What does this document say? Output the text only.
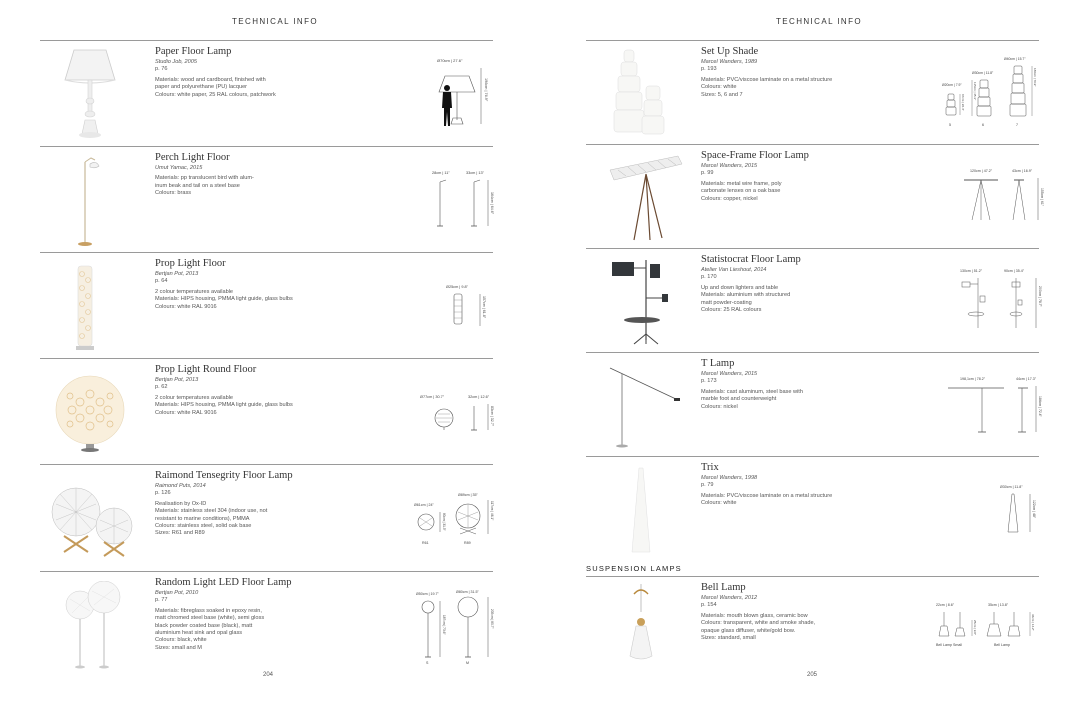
TECHNICAL INFO
Paper Floor Lamp
Studio Job, 2005
p. 76
Materials: wood and cardboard, finished with
paper and polyurethane (PU) lacquer
Colours: white paper, 25 RAL colours, patchwork
Ø70cm | 27.6"
196cm | 76.9"
Perch Light Floor
Umut Yamac, 2015
Materials: pp translucent bird with alum-
inum beak and tail on a steel base
Colours: brass
28cm | 11"	33cm | 13"
164cm | 64.6"
Prop Light Floor
Bertjan Pot, 2013
p. 64
2 colour temperatures available
Materials: HIPS housing, PMMA light guide, glass bulbs
Colours: white RAL 9016
Ø25cm | 9.8"
157cm | 61.8"
Prop Light Round Floor
Bertjan Pot, 2013
p. 62
2 colour temperatures available
Materials: HIPS housing, PMMA light guide, glass bulbs
Colours: white RAL 9016
Ø77cm | 30.7"	32cm | 12.6"
83cm | 32.7"
Raimond Tensegrity Floor Lamp
Raimond Puts, 2014
p. 126
Realisation by Ox-ID
Materials: stainless steel 304 (indoor use, not
resistant to marine conditions), PMMA
Colours: stainless steel, solid oak base
Sizes: R61 and R89
Ø61cm | 24"
Ø89cm | 35"
80cm | 31.5"
117cm | 46.1"
R61	R89
Random Light LED Floor Lamp
Bertjan Pot, 2010
p. 77
Materials: fibreglass soaked in epoxy resin,
matt chromed steel base (white), semi gloss
black powder coated base (black), matt
aluminium heat sink and opal glass
Colours: black, white
Sizes: small and M
Ø50cm | 19.7"	Ø80cm | 31.5"
187cm | 73.6"	205cm | 80.7"
S	M
204
TECHNICAL INFO
Set Up Shade
Marcel Wanders, 1989
p. 193
Materials: PVC/viscose laminate on a metal structure
Colours: white
Sizes: 5, 6 and 7
Ø20cm | 7.9"
Ø30cm | 11.8"
Ø40cm | 15.7"
67cm | 26.4"
115cm | 45.3"
180cm | 70.9"
5	6	7
Space-Frame Floor Lamp
Marcel Wanders, 2015
p. 99
Materials: metal wire frame, poly
carbonate lenses on a oak base
Colours: copper, nickel
120cm | 47.2"	43cm | 16.9"
155cm | 61"
Statistocrat Floor Lamp
Atelier Van Lieshout, 2014
p. 170
Up and down lighters and table
Materials: aluminium with structured
matt powder-coating
Colours: 25 RAL colours
130cm | 51.2"	90cm | 35.4"
200cm | 78.7"
T Lamp
Marcel Wanders, 2015
p. 173
Materials: cast aluminum, steel base with
marble foot and counterweight
Colours: nickel
198,1cm | 78.2"	44cm | 17.3"
184cm | 72.4"
Trix
Marcel Wanders, 1998
p. 79
Materials: PVC/viscose laminate on a metal structure
Colours: white
Ø30cm | 11.8"
122cm | 48"
SUSPENSION LAMPS
Bell Lamp
Marcel Wanders, 2012
p. 154
Materials: mouth blown glass, ceramic bow
Colours: transparent, white and smoke shade,
opaque glass diffuser, white/gold bow.
Sizes: standard, small
22cm | 8.6"	35cm | 13.8"
25cm | 9.8"	36cm | 14.2"
Bell Lamp Small	Bell Lamp
205
